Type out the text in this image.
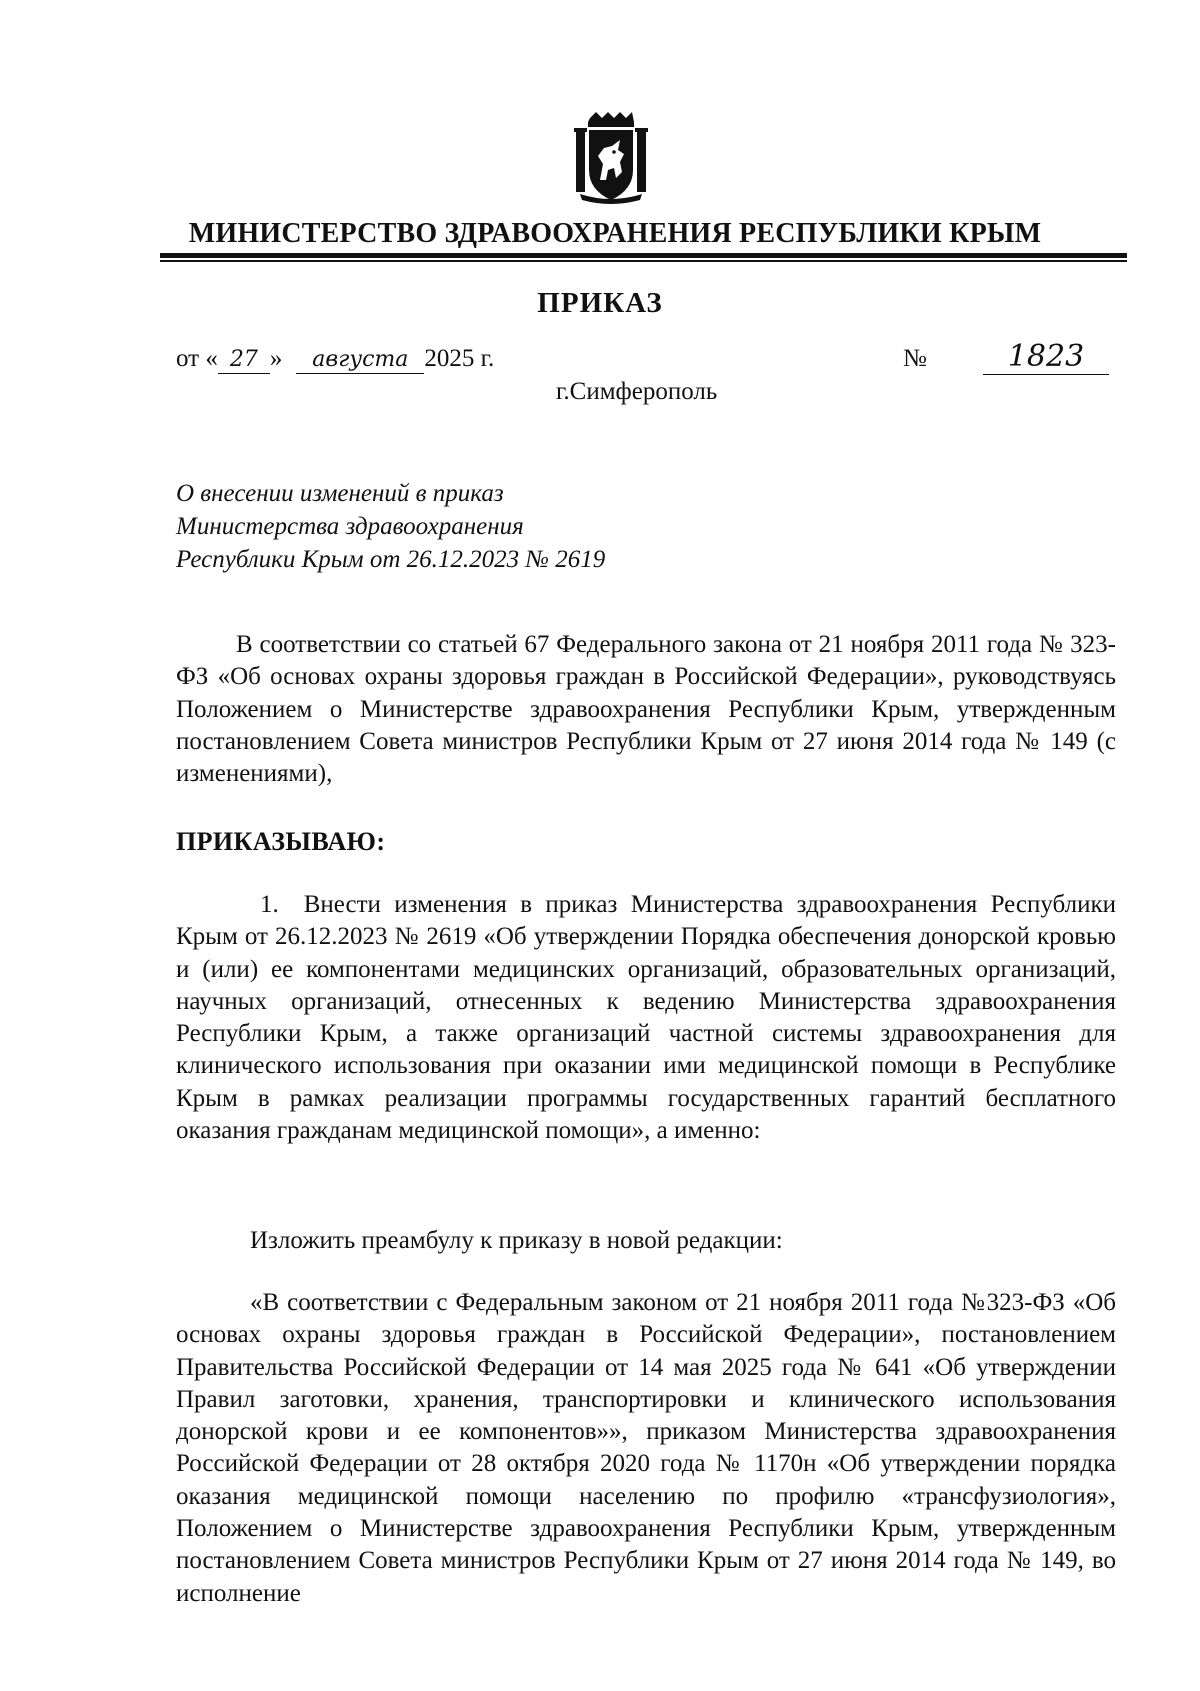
МИНИСТЕРСТВО ЗДРАВООХРАНЕНИЯ РЕСПУБЛИКИ КРЫМ
ПРИКАЗ
от « 27 » августа 2025 г.	№	1823
г.Симферополь
О внесении изменений в приказ
Министерства здравоохранения
Республики Крым от 26.12.2023 № 2619
В соответствии со статьей 67 Федерального закона от 21 ноября 2011 года № 323-ФЗ «Об основах охраны здоровья граждан в Российской Федерации», руководствуясь Положением о Министерстве здравоохранения Республики Крым, утвержденным постановлением Совета министров Республики Крым от 27 июня 2014 года № 149 (с изменениями),
ПРИКАЗЫВАЮ:
1. Внести изменения в приказ Министерства здравоохранения Республики Крым от 26.12.2023 № 2619 «Об утверждении Порядка обеспечения донорской кровью и (или) ее компонентами медицинских организаций, образовательных организаций, научных организаций, отнесенных к ведению Министерства здравоохранения Республики Крым, а также организаций частной системы здравоохранения для клинического использования при оказании ими медицинской помощи в Республике Крым в рамках реализации программы государственных гарантий бесплатного оказания гражданам медицинской помощи», а именно:
Изложить преамбулу к приказу в новой редакции:
«В соответствии с Федеральным законом от 21 ноября 2011 года №323-ФЗ «Об основах охраны здоровья граждан в Российской Федерации», постановлением Правительства Российской Федерации от 14 мая 2025 года № 641 «Об утверждении Правил заготовки, хранения, транспортировки и клинического использования донорской крови и ее компонентов»», приказом Министерства здравоохранения Российской Федерации от 28 октября 2020 года № 1170н «Об утверждении порядка оказания медицинской помощи населению по профилю «трансфузиология», Положением о Министерстве здравоохранения Республики Крым, утвержденным постановлением Совета министров Республики Крым от 27 июня 2014 года № 149, во исполнение
